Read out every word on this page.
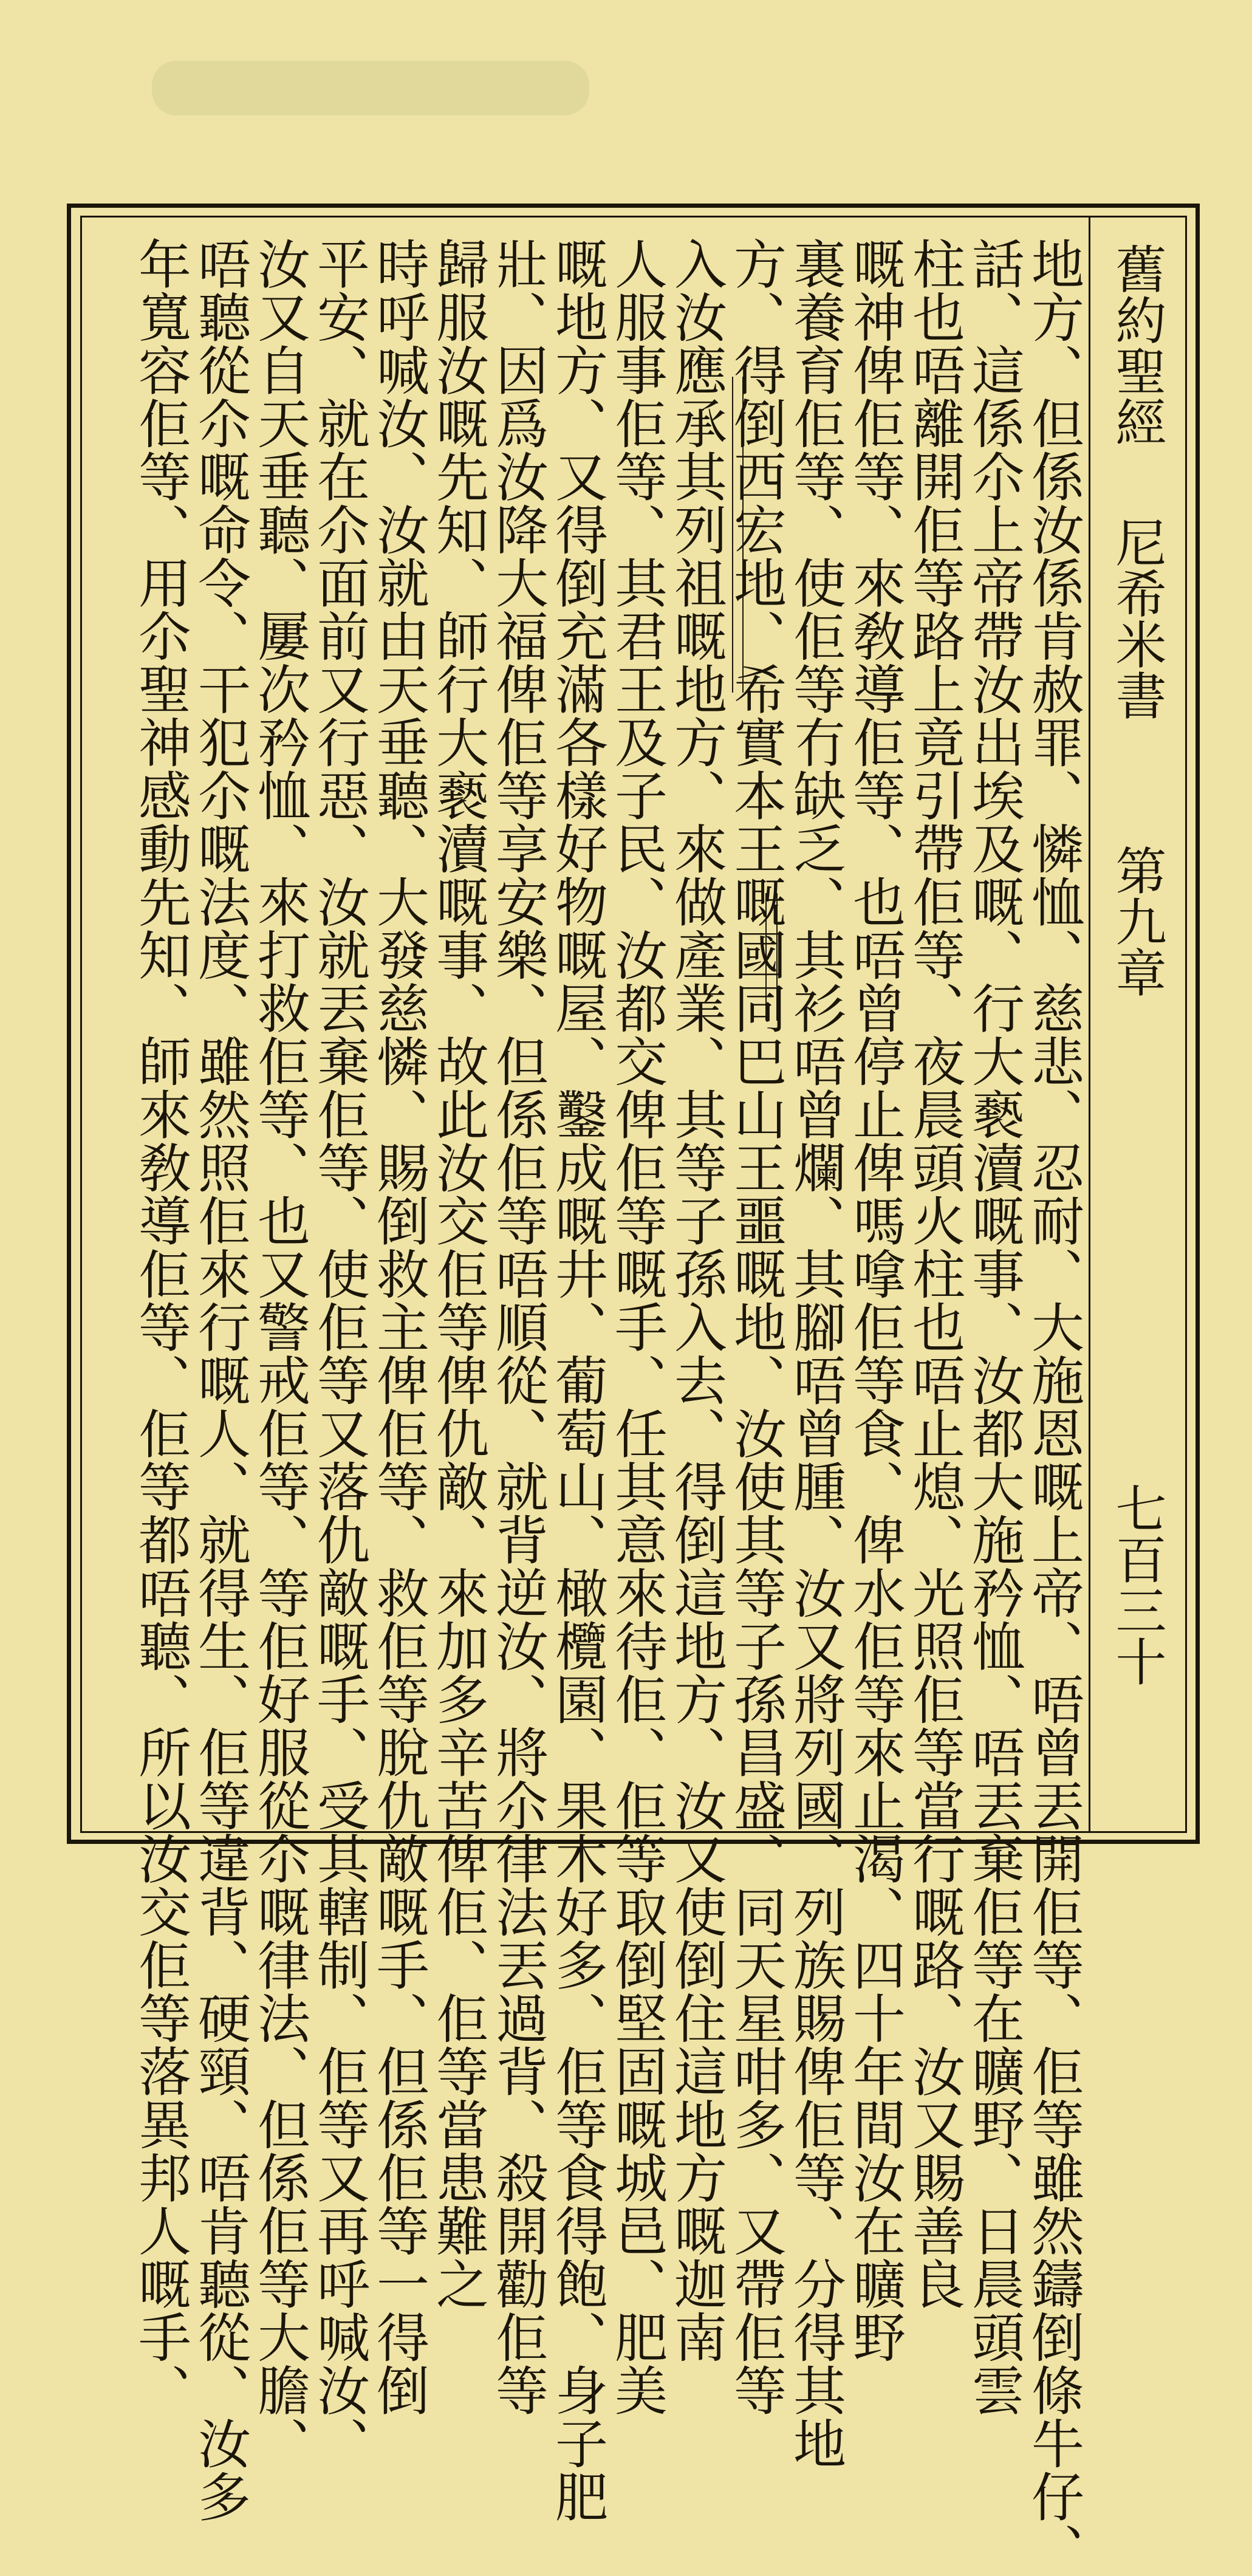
舊約聖經
尼希米書
第九章
七百三十
地方、但係汝係肯赦罪、憐恤、慈悲、忍耐、大施恩嘅上帝、唔曾丟開佢等、佢等雖然鑄倒條牛仔、
話、這係尒上帝帶汝出埃及嘅、行大褻瀆嘅事、汝都大施矜恤、唔丟棄佢等在曠野、日晨頭雲
柱也唔離開佢等路上竟引帶佢等、夜晨頭火柱也唔止熄、光照佢等當行嘅路、汝又賜善良
嘅神俾佢等、來敎導佢等、也唔曾停止俾嗎嗱佢等食、俾水佢等來止渴、四十年間汝在曠野
裏養育佢等、使佢等冇缺乏、其衫唔曾爛、其腳唔曾腫、汝又將列國、列族賜俾佢等、分得其地
方、得倒西宏地、希實本王嘅國同巴山王噩嘅地、汝使其等子孫昌盛、同天星咁多、又帶佢等
入汝應承其列祖嘅地方、來做產業、其等子孫入去、得倒這地方、汝又使倒住這地方嘅迦南
人服事佢等、其君王及子民、汝都交俾佢等嘅手、任其意來待佢、佢等取倒堅固嘅城邑、肥美
嘅地方、又得倒充滿各樣好物嘅屋、鑿成嘅井、葡萄山、橄欖園、果木好多、佢等食得飽、身子肥
壯、因爲汝降大福俾佢等享安樂、但係佢等唔順從、就背逆汝、將尒律法丟過背、殺開勸佢等
歸服汝嘅先知、師行大褻瀆嘅事、故此汝交佢等俾仇敵、來加多辛苦俾佢、佢等當患難之
時呼喊汝、汝就由天垂聽、大發慈憐、賜倒救主俾佢等、救佢等脫仇敵嘅手、但係佢等一得倒
平安、就在尒面前又行惡、汝就丟棄佢等、使佢等又落仇敵嘅手、受其轄制、佢等又再呼喊汝、
汝又自天垂聽、屢次矜恤、來打救佢等、也又警戒佢等、等佢好服從尒嘅律法、但係佢等大膽、
唔聽從尒嘅命令、干犯尒嘅法度、雖然照佢來行嘅人、就得生、佢等違背、硬頸、唔肯聽從、汝多
年寬容佢等、用尒聖神感動先知、師來敎導佢等、佢等都唔聽、所以汝交佢等落異邦人嘅手、
